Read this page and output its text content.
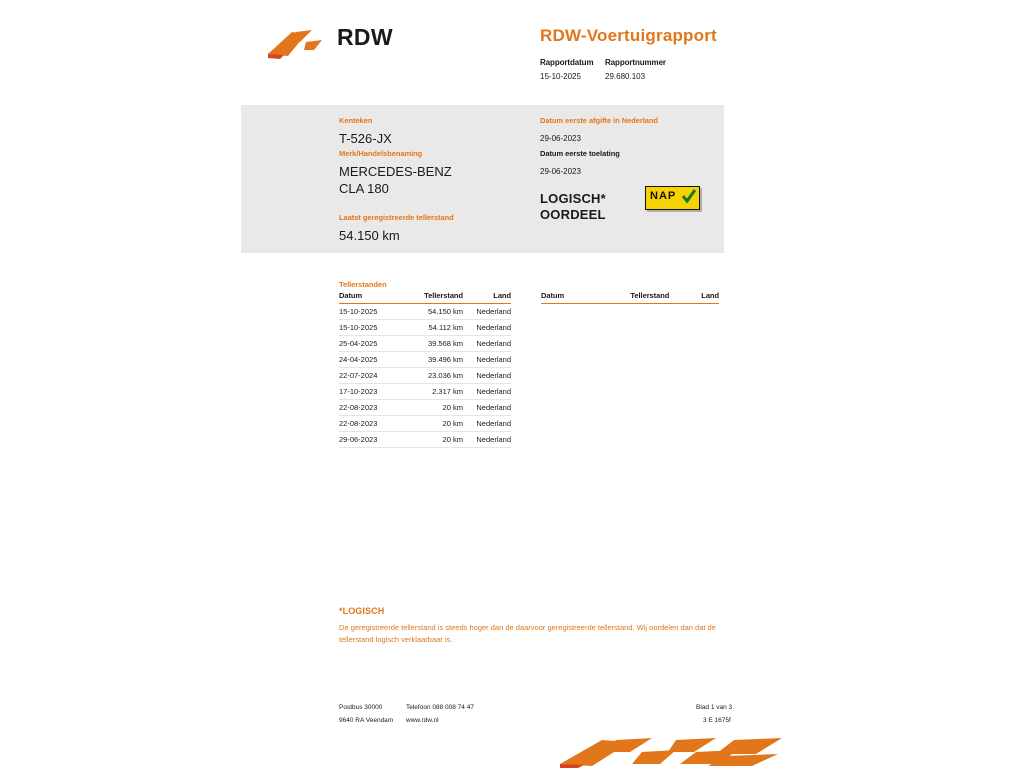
RDW	RDW-Voertuigrapport
Rapportdatum
15-10-2025
Rapportnummer
29.680.103
Kenteken
T-526-JX
Merk/Handelsbenaming
MERCEDES-BENZ
CLA 180
Laatst geregistreerde tellerstand
54.150 km
Datum eerste afgifte in Nederland
29-06-2023
Datum eerste toelating
29-06-2023
LOGISCH*
OORDEEL
NAP
Tellerstanden
Datum	Tellerstand	Land
15-10-2025	54.150 km	Nederland
15-10-2025	54.112 km	Nederland
25-04-2025	39.568 km	Nederland
24-04-2025	39.496 km	Nederland
22-07-2024	23.036 km	Nederland
17-10-2023	2.317 km	Nederland
22-08-2023	20 km	Nederland
22-08-2023	20 km	Nederland
29-06-2023	20 km	Nederland
Datum	Tellerstand	Land
*LOGISCH
De geregistreerde tellerstand is steeds hoger dan de daarvoor geregistreerde tellerstand. Wij oordelen dan dat de tellerstand logisch verklaarbaar is.
Postbus 30000
9640 RA Veendam
Telefoon 088 008 74 47
www.rdw.nl
Blad 1 van 3
3 E 1675f
